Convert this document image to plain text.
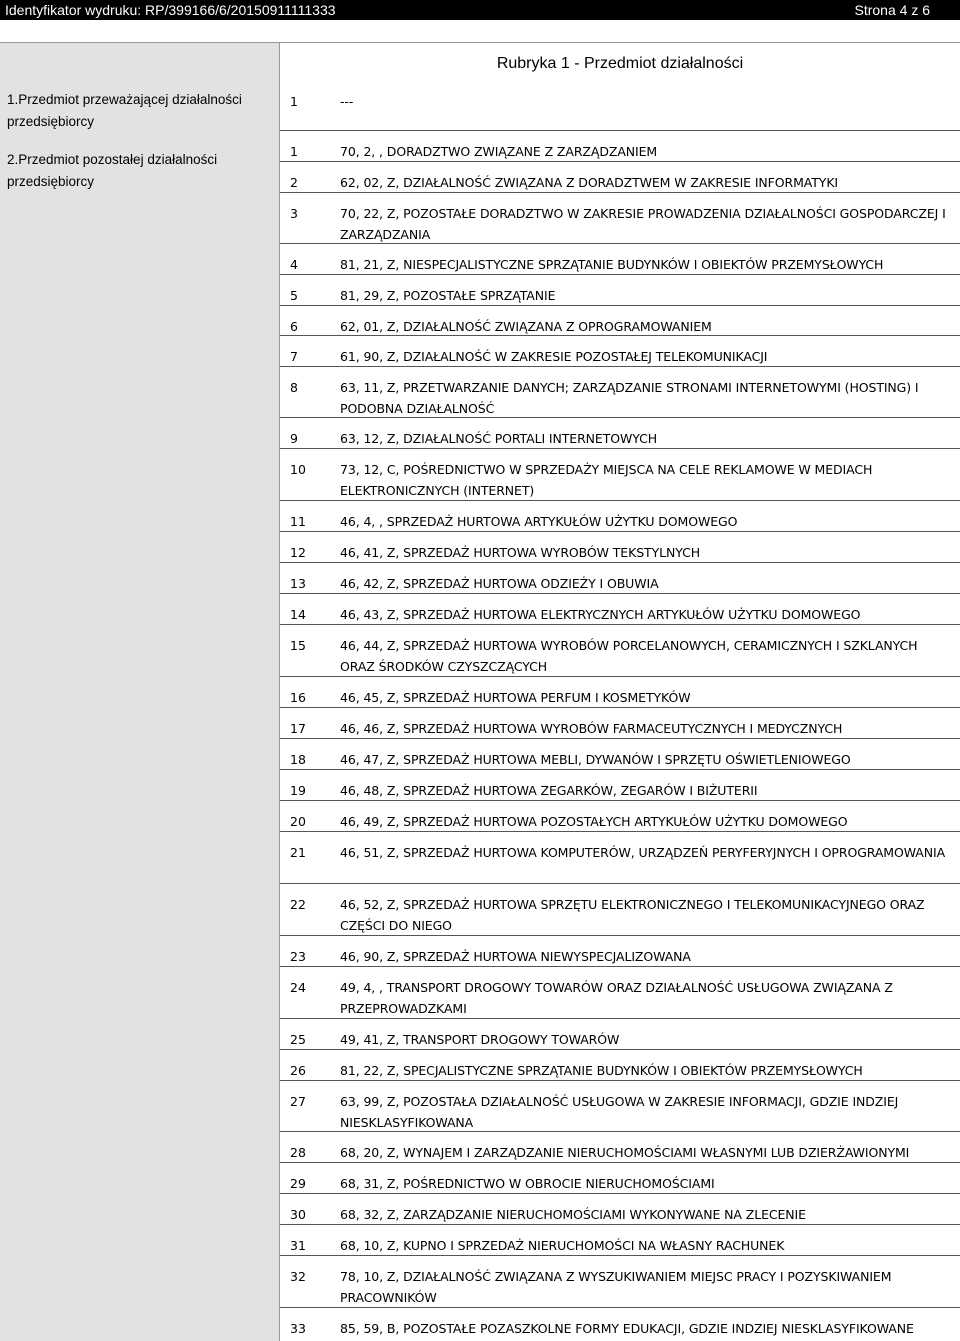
Identyfikator wydruku: RP/399166/6/20150911111333	Strona 4 z 6
1.Przedmiot przeważającej działalności przedsiębiorcy
2.Przedmiot pozostałej działalności przedsiębiorcy
Rubryka 1 - Przedmiot działalności
1	---
1	70, 2, , DORADZTWO ZWIĄZANE Z ZARZĄDZANIEM
2	62, 02, Z, DZIAŁALNOŚĆ ZWIĄZANA Z DORADZTWEM W ZAKRESIE INFORMATYKI
3	70, 22, Z, POZOSTAŁE DORADZTWO W ZAKRESIE PROWADZENIA DZIAŁALNOŚCI GOSPODARCZEJ I ZARZĄDZANIA
4	81, 21, Z, NIESPECJALISTYCZNE SPRZĄTANIE BUDYNKÓW I OBIEKTÓW PRZEMYSŁOWYCH
5	81, 29, Z, POZOSTAŁE SPRZĄTANIE
6	62, 01, Z, DZIAŁALNOŚĆ ZWIĄZANA Z OPROGRAMOWANIEM
7	61, 90, Z, DZIAŁALNOŚĆ W ZAKRESIE POZOSTAŁEJ TELEKOMUNIKACJI
8	63, 11, Z, PRZETWARZANIE DANYCH; ZARZĄDZANIE STRONAMI INTERNETOWYMI (HOSTING) I PODOBNA DZIAŁALNOŚĆ
9	63, 12, Z, DZIAŁALNOŚĆ PORTALI INTERNETOWYCH
10	73, 12, C, POŚREDNICTWO W SPRZEDAŻY MIEJSCA NA CELE REKLAMOWE W MEDIACH ELEKTRONICZNYCH (INTERNET)
11	46, 4, , SPRZEDAŻ HURTOWA ARTYKUŁÓW UŻYTKU DOMOWEGO
12	46, 41, Z, SPRZEDAŻ HURTOWA WYROBÓW TEKSTYLNYCH
13	46, 42, Z, SPRZEDAŻ HURTOWA ODZIEŻY I OBUWIA
14	46, 43, Z, SPRZEDAŻ HURTOWA ELEKTRYCZNYCH ARTYKUŁÓW UŻYTKU DOMOWEGO
15	46, 44, Z, SPRZEDAŻ HURTOWA WYROBÓW PORCELANOWYCH, CERAMICZNYCH I SZKLANYCH ORAZ ŚRODKÓW CZYSZCZĄCYCH
16	46, 45, Z, SPRZEDAŻ HURTOWA PERFUM I KOSMETYKÓW
17	46, 46, Z, SPRZEDAŻ HURTOWA WYROBÓW FARMACEUTYCZNYCH I MEDYCZNYCH
18	46, 47, Z, SPRZEDAŻ HURTOWA MEBLI, DYWANÓW I SPRZĘTU OŚWIETLENIOWEGO
19	46, 48, Z, SPRZEDAŻ HURTOWA ZEGARKÓW, ZEGARÓW I BIŻUTERII
20	46, 49, Z, SPRZEDAŻ HURTOWA POZOSTAŁYCH ARTYKUŁÓW UŻYTKU DOMOWEGO
21	46, 51, Z, SPRZEDAŻ HURTOWA KOMPUTERÓW, URZĄDZEŃ PERYFERYJNYCH I OPROGRAMOWANIA
22	46, 52, Z, SPRZEDAŻ HURTOWA SPRZĘTU ELEKTRONICZNEGO I TELEKOMUNIKACYJNEGO ORAZ CZĘŚCI DO NIEGO
23	46, 90, Z, SPRZEDAŻ HURTOWA NIEWYSPECJALIZOWANA
24	49, 4, , TRANSPORT DROGOWY TOWARÓW ORAZ DZIAŁALNOŚĆ USŁUGOWA ZWIĄZANA Z PRZEPROWADZKAMI
25	49, 41, Z, TRANSPORT DROGOWY TOWARÓW
26	81, 22, Z, SPECJALISTYCZNE SPRZĄTANIE BUDYNKÓW I OBIEKTÓW PRZEMYSŁOWYCH
27	63, 99, Z, POZOSTAŁA DZIAŁALNOŚĆ USŁUGOWA W ZAKRESIE INFORMACJI, GDZIE INDZIEJ NIESKLASYFIKOWANA
28	68, 20, Z, WYNAJEM I ZARZĄDZANIE NIERUCHOMOŚCIAMI WŁASNYMI LUB DZIERŻAWIONYMI
29	68, 31, Z, POŚREDNICTWO W OBROCIE NIERUCHOMOŚCIAMI
30	68, 32, Z, ZARZĄDZANIE NIERUCHOMOŚCIAMI WYKONYWANE NA ZLECENIE
31	68, 10, Z, KUPNO I SPRZEDAŻ NIERUCHOMOŚCI NA WŁASNY RACHUNEK
32	78, 10, Z, DZIAŁALNOŚĆ ZWIĄZANA Z WYSZUKIWANIEM MIEJSC PRACY I POZYSKIWANIEM PRACOWNIKÓW
33	85, 59, B, POZOSTAŁE POZASZKOLNE FORMY EDUKACJI, GDZIE INDZIEJ NIESKLASYFIKOWANE
